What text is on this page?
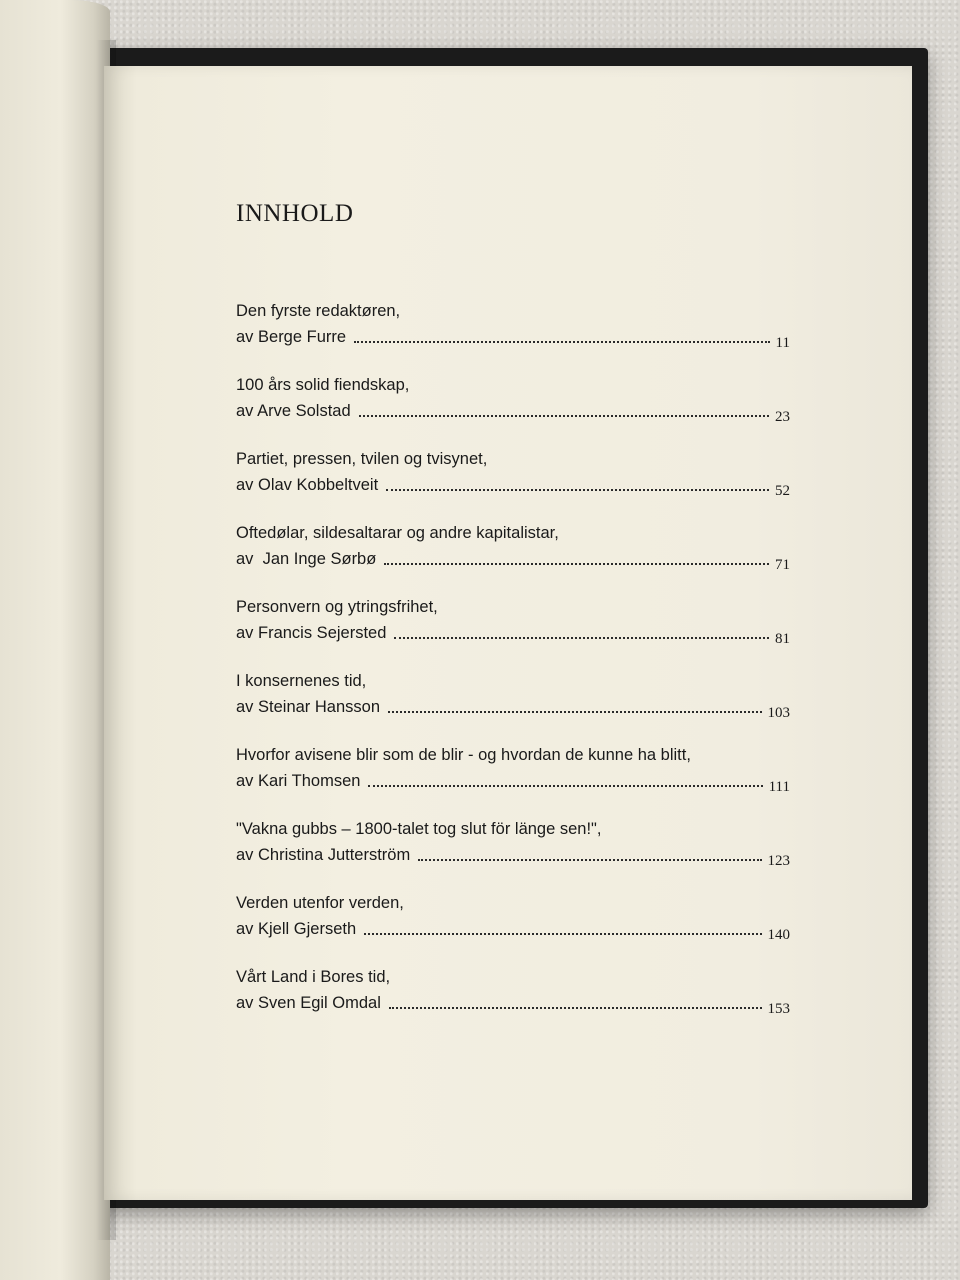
INNHOLD
Den fyrste redaktøren,
av Berge Furre	11
100 års solid fiendskap,
av Arve Solstad	23
Partiet, pressen, tvilen og tvisynet,
av Olav Kobbeltveit	52
Oftedølar, sildesaltarar og andre kapitalistar,
av  Jan Inge Sørbø	71
Personvern og ytringsfrihet,
av Francis Sejersted	81
I konsernenes tid,
av Steinar Hansson	103
Hvorfor avisene blir som de blir - og hvordan de kunne ha blitt,
av Kari Thomsen	111
"Vakna gubbs – 1800-talet tog slut för länge sen!",
av Christina Jutterström	123
Verden utenfor verden,
av Kjell Gjerseth	140
Vårt Land i Bores tid,
av Sven Egil Omdal	153
